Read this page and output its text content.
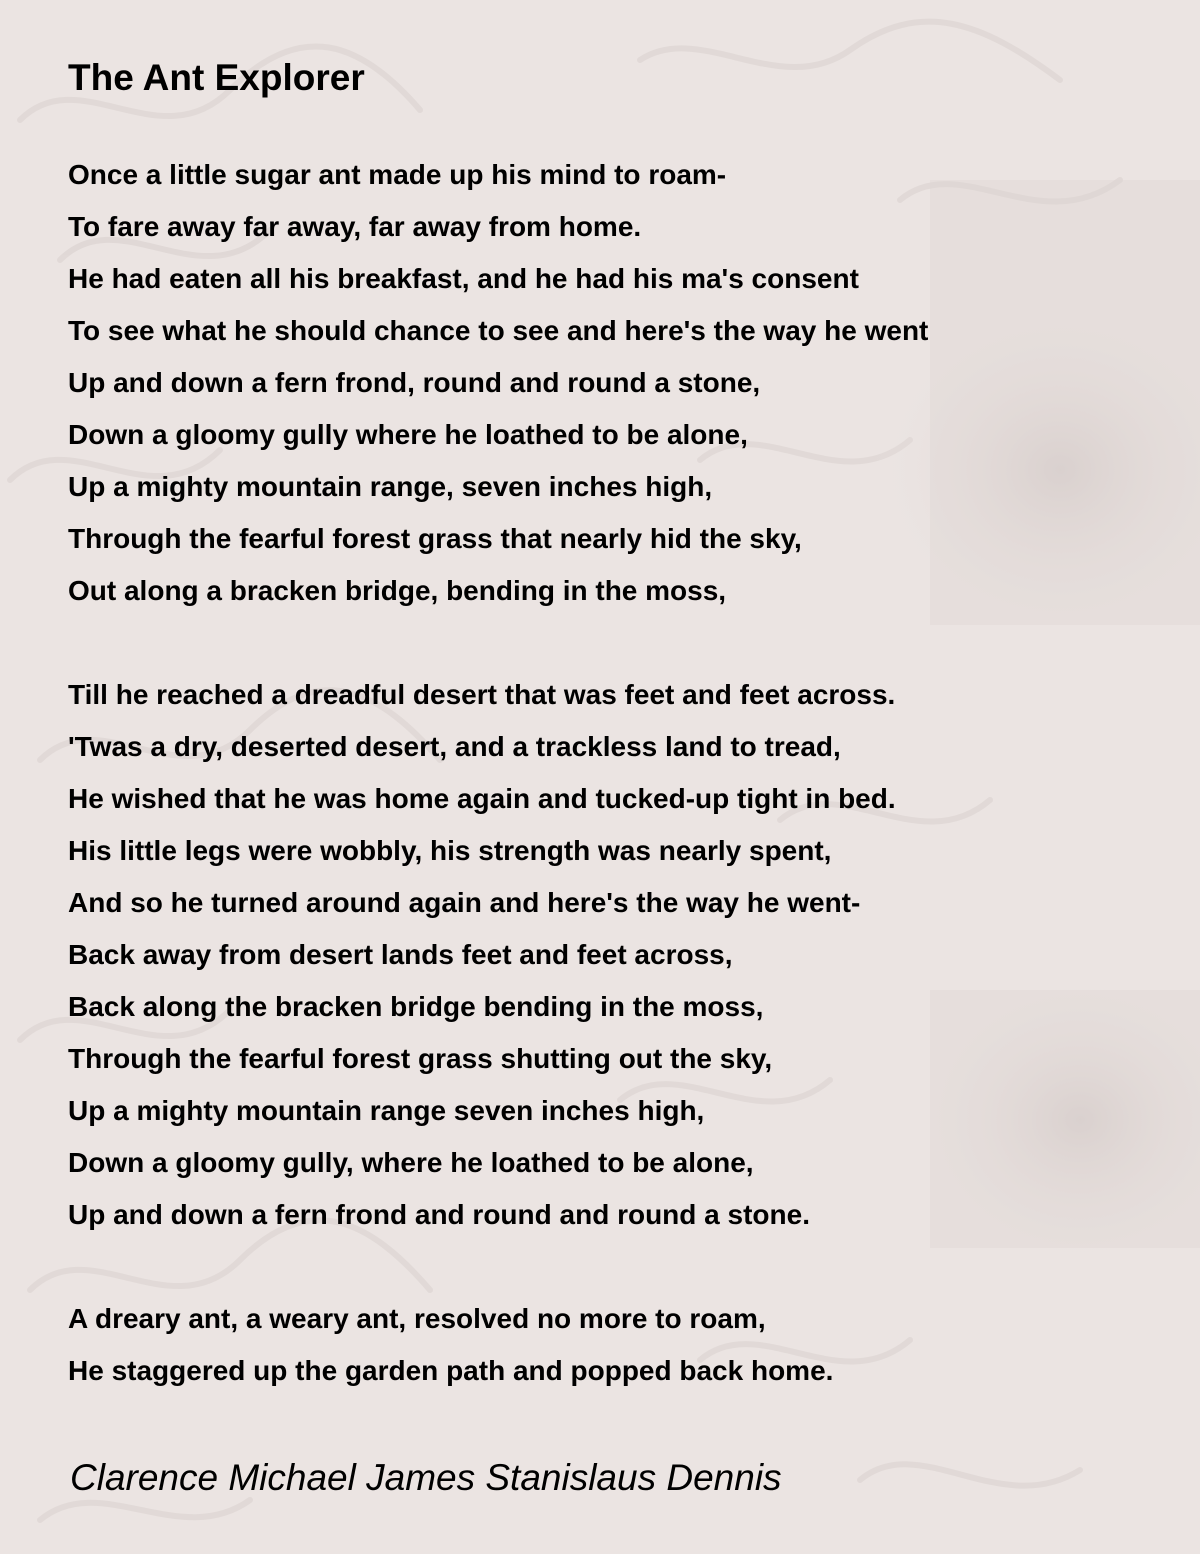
The Ant Explorer
Once a little sugar ant made up his mind to roam-
To fare away far away, far away from home.
He had eaten all his breakfast, and he had his ma's consent
To see what he should chance to see and here's the way he went
Up and down a fern frond, round and round a stone,
Down a gloomy gully where he loathed to be alone,
Up a mighty mountain range, seven inches high,
Through the fearful forest grass that nearly hid the sky,
Out along a bracken bridge, bending in the moss,
Till he reached a dreadful desert that was feet and feet across.
'Twas a dry, deserted desert, and a trackless land to tread,
He wished that he was home again and tucked-up tight in bed.
His little legs were wobbly, his strength was nearly spent,
And so he turned around again and here's the way he went-
Back away from desert lands feet and feet across,
Back along the bracken bridge bending in the moss,
Through the fearful forest grass shutting out the sky,
Up a mighty mountain range seven inches high,
Down a gloomy gully, where he loathed to be alone,
Up and down a fern frond and round and round a stone.
A dreary ant, a weary ant, resolved no more to roam,
He staggered up the garden path and popped back home.

Clarence Michael James Stanislaus Dennis
